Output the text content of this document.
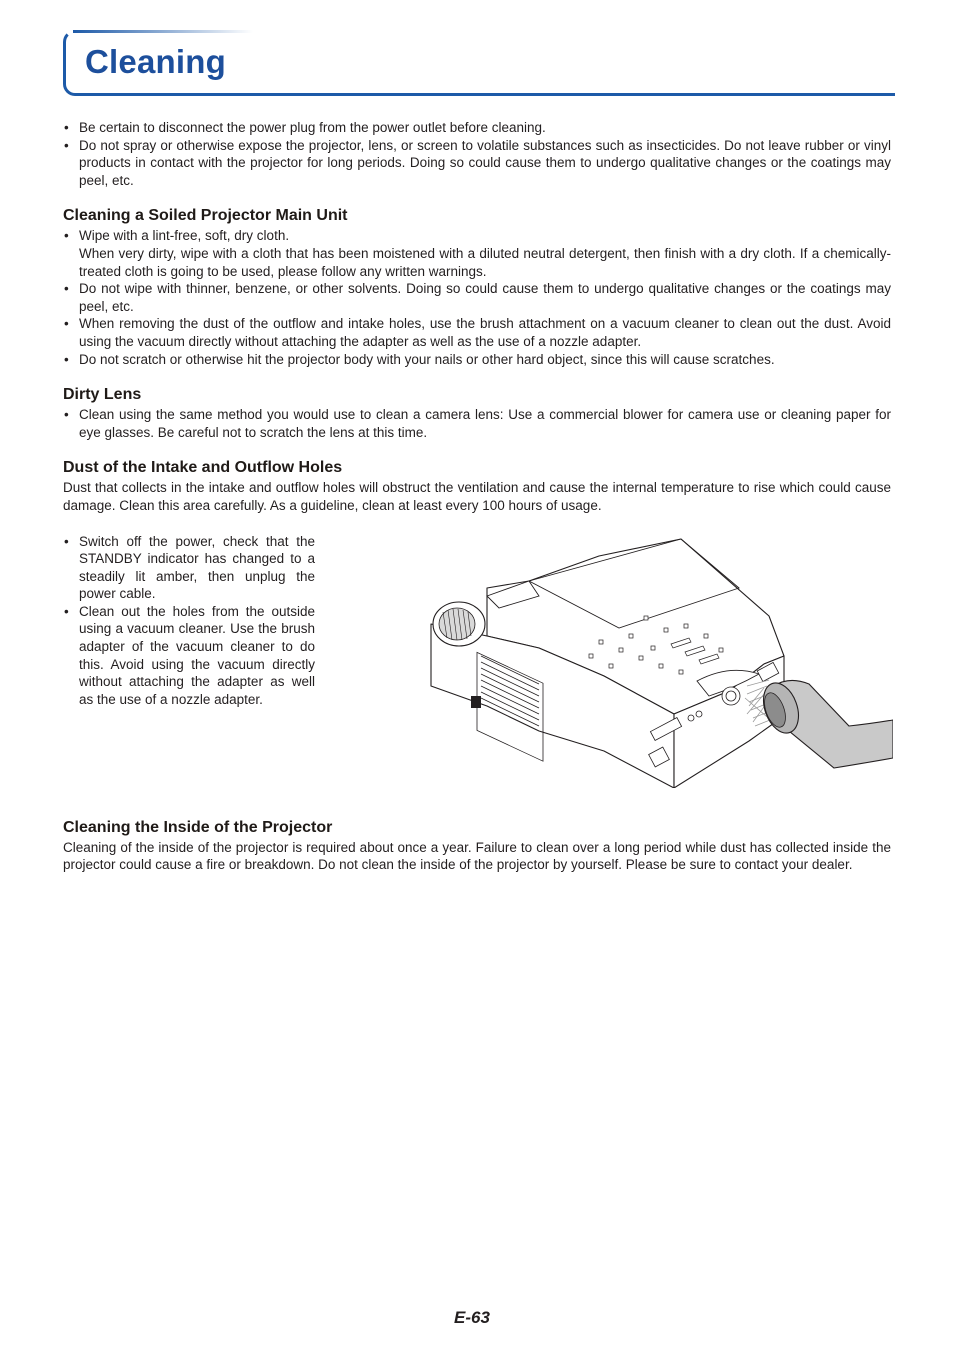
Cleaning
• Be certain to disconnect the power plug from the power outlet before cleaning.
• Do not spray or otherwise expose the projector, lens, or screen to volatile substances such as insecticides. Do not leave rubber or vinyl products in contact with the projector for long periods. Doing so could cause them to undergo qualitative changes or the coatings may peel, etc.
Cleaning a Soiled Projector Main Unit
• Wipe with a lint-free, soft, dry cloth.
When very dirty, wipe with a cloth that has been moistened with a diluted neutral detergent, then finish with a dry cloth. If a chemically-treated cloth is going to be used, please follow any written warnings.
• Do not wipe with thinner, benzene, or other solvents. Doing so could cause them to undergo qualitative changes or the coatings may peel, etc.
• When removing the dust of the outflow and intake holes, use the brush attachment on a vacuum cleaner to clean out the dust. Avoid using the vacuum directly without attaching the adapter as well as the use of a nozzle adapter.
• Do not scratch or otherwise hit the projector body with your nails or other hard object, since this will cause scratches.
Dirty Lens
• Clean using the same method you would use to clean a camera lens: Use a commercial blower for camera use or cleaning paper for eye glasses. Be careful not to scratch the lens at this time.
Dust of the Intake and Outflow Holes

Dust that collects in the intake and outflow holes will obstruct the ventilation and cause the internal temperature to rise which could cause damage. Clean this area carefully. As a guideline, clean at least every 100 hours of usage.

• Switch off the power, check that the STANDBY indicator has changed to a steadily lit amber, then unplug the power cable.
• Clean out the holes from the outside using a vacuum cleaner. Use the brush adapter of the vacuum cleaner to do this. Avoid using the vacuum directly without attaching the adapter as well as the use of a nozzle adapter.
Cleaning the Inside of the Projector

Cleaning of the inside of the projector is required about once a year. Failure to clean over a long period while dust has collected inside the projector could cause a fire or breakdown. Do not clean the inside of the projector by yourself. Please be sure to contact your dealer.

E-63
